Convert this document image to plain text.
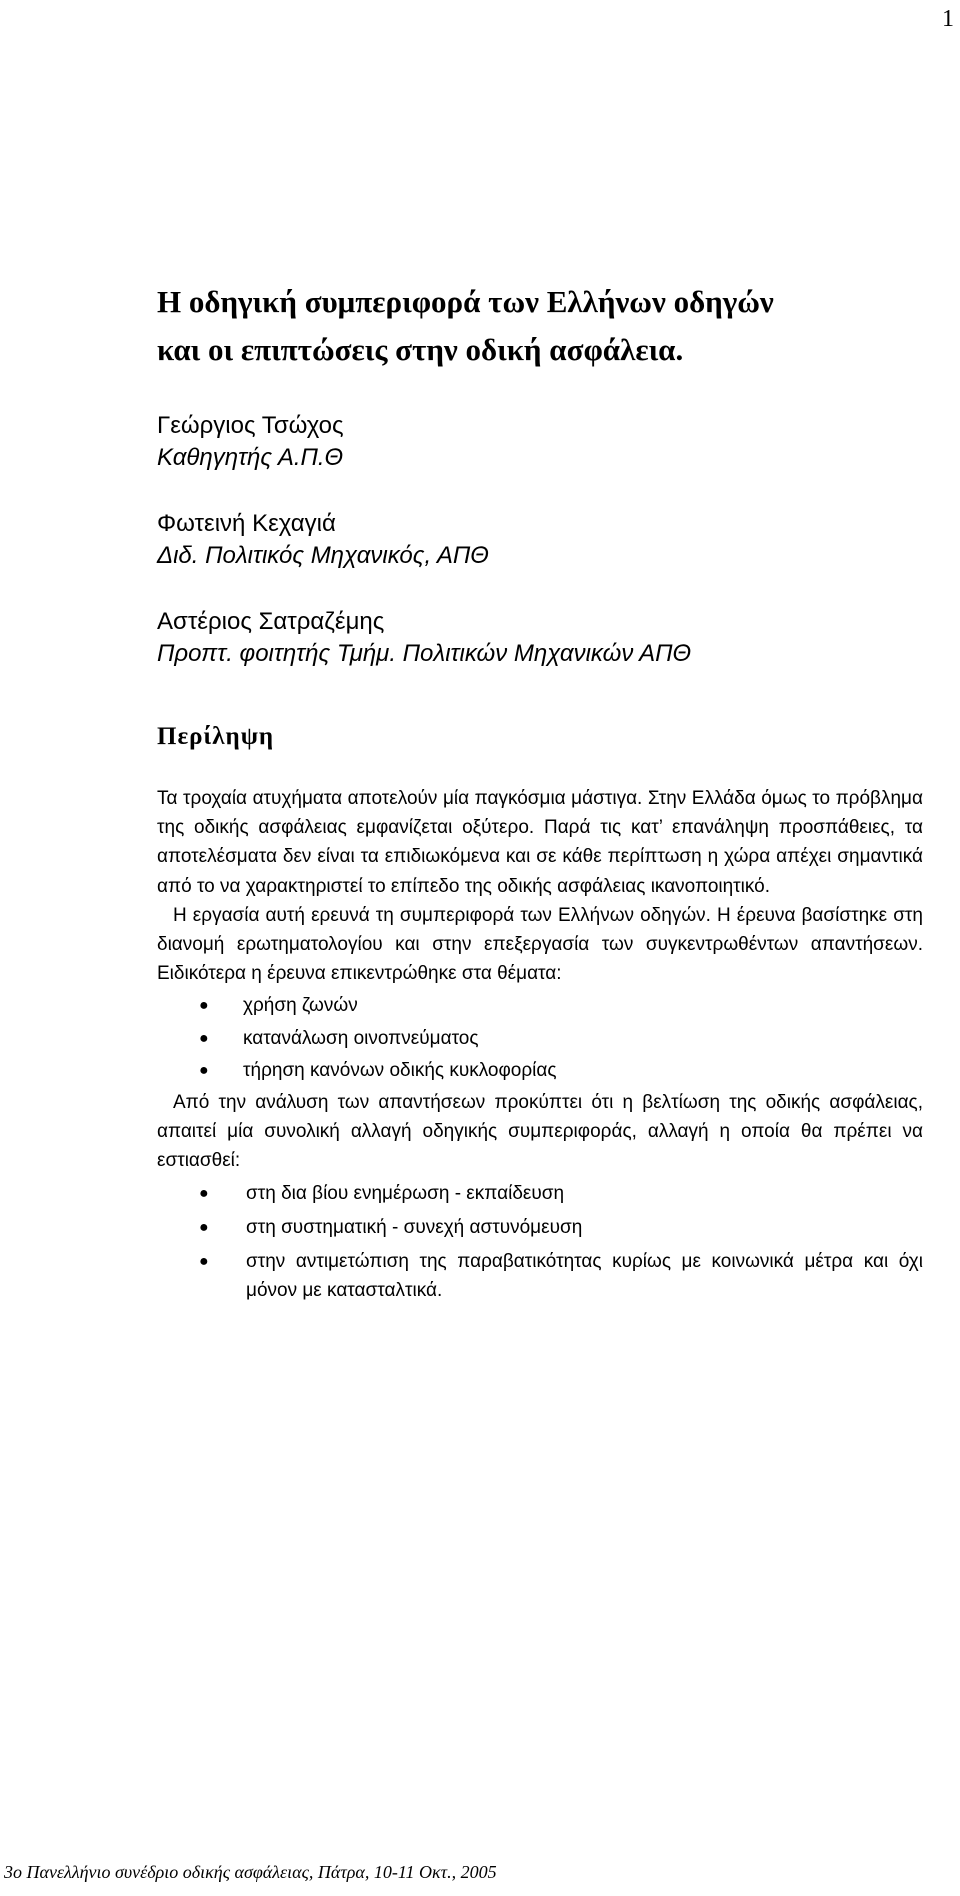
1
Η οδηγική συμπεριφορά των Ελλήνων οδηγών
και οι επιπτώσεις στην οδική ασφάλεια.
Γεώργιος Τσώχος
Καθηγητής Α.Π.Θ
Φωτεινή Κεχαγιά
Διδ. Πολιτικός Μηχανικός, ΑΠΘ
Αστέριος Σατραζέμης
Προπτ. φοιτητής Τμήμ. Πολιτικών Μηχανικών ΑΠΘ
Περίληψη

Τα τροχαία ατυχήματα αποτελούν μία παγκόσμια μάστιγα. Στην Ελλάδα όμως το πρόβλημα της οδικής ασφάλειας εμφανίζεται οξύτερο. Παρά τις κατ’ επανάληψη προσπάθειες, τα αποτελέσματα δεν είναι τα επιδιωκόμενα και σε κάθε περίπτωση η χώρα απέχει σημαντικά από το να χαρακτηριστεί το επίπεδο της οδικής ασφάλειας ικανοποιητικό.

Η εργασία αυτή ερευνά τη συμπεριφορά των Ελλήνων οδηγών. Η έρευνα βασίστηκε στη διανομή ερωτηματολογίου και στην επεξεργασία των συγκεντρωθέντων απαντήσεων. Ειδικότερα η έρευνα επικεντρώθηκε στα θέματα:

● χρήση ζωνών
● κατανάλωση οινοπνεύματος
● τήρηση κανόνων οδικής κυκλοφορίας

Από την ανάλυση των απαντήσεων προκύπτει ότι η βελτίωση της οδικής ασφάλειας, απαιτεί μία συνολική αλλαγή οδηγικής συμπεριφοράς, αλλαγή η οποία θα πρέπει να εστιασθεί:

● στη δια βίου ενημέρωση - εκπαίδευση
● στη συστηματική - συνεχή αστυνόμευση
● στην αντιμετώπιση της παραβατικότητας κυρίως με κοινωνικά μέτρα και όχι μόνον με κατασταλτικά.
3ο Πανελλήνιο συνέδριο οδικής ασφάλειας, Πάτρα, 10-11 Οκτ., 2005
